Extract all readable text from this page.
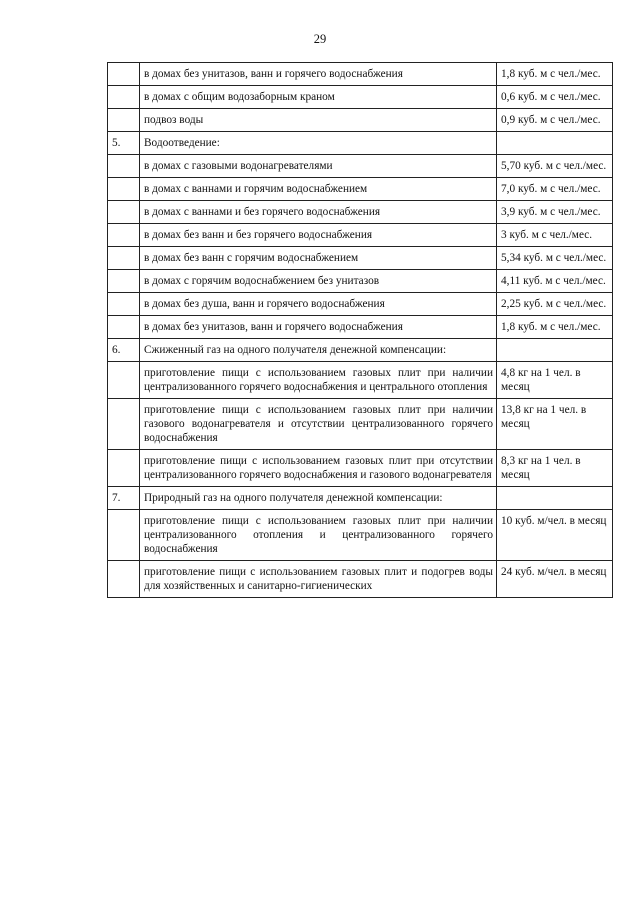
29
	в домах без унитазов, ванн и горячего водоснабжения	1,8 куб. м с чел./мес.
	в домах с общим водозаборным краном	0,6 куб. м с чел./мес.
	подвоз воды	0,9 куб. м с чел./мес.
5.	Водоотведение:	
	в домах с газовыми водонагревателями	5,70 куб. м с чел./мес.
	в домах с ваннами и горячим водоснабжением	7,0 куб. м с чел./мес.
	в домах с ваннами и без горячего водоснабжения	3,9 куб. м с чел./мес.
	в домах без ванн и без горячего водоснабжения	3 куб. м с чел./мес.
	в домах без ванн с горячим водоснабжением	5,34 куб. м с чел./мес.
	в домах с горячим водоснабжением без унитазов	4,11 куб. м с чел./мес.
	в домах без душа, ванн и горячего водоснабжения	2,25 куб. м с чел./мес.
	в домах без унитазов, ванн и горячего водоснабжения	1,8 куб. м с чел./мес.
6.	Сжиженный газ на одного получателя денежной компенсации:	
	приготовление пищи с использованием газовых плит при наличии централизованного горячего водоснабжения и центрального отопления	4,8 кг на 1 чел. в месяц
	приготовление пищи с использованием газовых плит при наличии газового водонагревателя и отсутствии централизованного горячего водоснабжения	13,8 кг на 1 чел. в месяц
	приготовление пищи с использованием газовых плит при отсутствии централизованного горячего водоснабжения и газового водонагревателя	8,3 кг на 1 чел. в месяц
7.	Природный газ на одного получателя денежной компенсации:	
	приготовление пищи с использованием газовых плит при наличии централизованного отопления и централизованного горячего водоснабжения	10 куб. м/чел. в месяц

	приготовление пищи с использованием газовых плит и подогрев воды для хозяйственных и санитарно-гигиенических	24 куб. м/чел. в месяц
